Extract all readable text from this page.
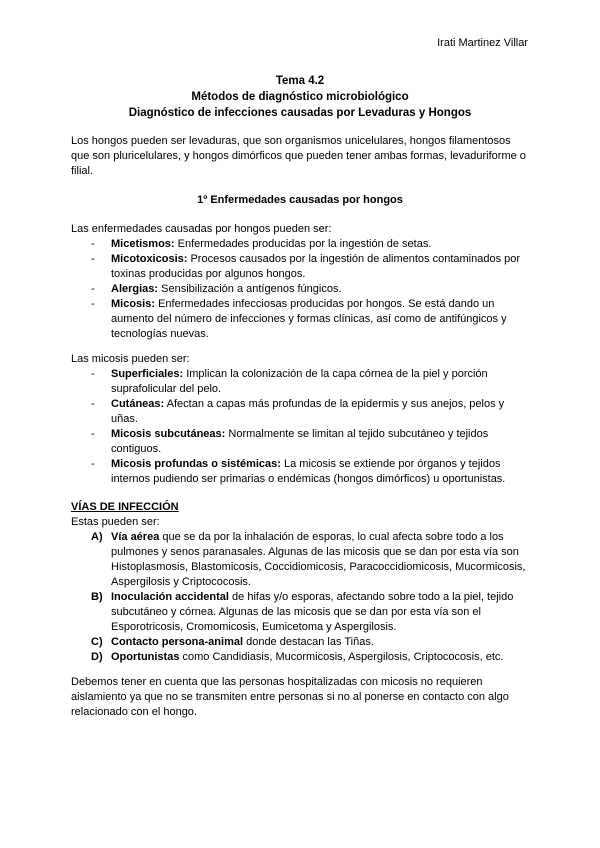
Irati Martinez Villar
Tema 4.2
Métodos de diagnóstico microbiológico
Diagnóstico de infecciones causadas por Levaduras y Hongos
Los hongos pueden ser levaduras, que son organismos unicelulares, hongos filamentosos que son pluricelulares, y hongos dimórficos que pueden tener ambas formas, levaduriforme o filial.
1º Enfermedades causadas por hongos
Las enfermedades causadas por hongos pueden ser:
- Micetismos: Enfermedades producidas por la ingestión de setas.
- Micotoxicosis: Procesos causados por la ingestión de alimentos contaminados por toxinas producidas por algunos hongos.
- Alergias: Sensibilización a antígenos fúngicos.
- Micosis: Enfermedades infecciosas producidas por hongos. Se está dando un aumento del número de infecciones y formas clínicas, así como de antifúngicos y tecnologías nuevas.
Las micosis pueden ser:
- Superficiales: Implican la colonización de la capa córnea de la piel y porción suprafolicular del pelo.
- Cutáneas: Afectan a capas más profundas de la epidermis y sus anejos, pelos y uñas.
- Micosis subcutáneas: Normalmente se limitan al tejido subcutáneo y tejidos contiguos.
- Micosis profundas o sistémicas: La micosis se extiende por órganos y tejidos internos pudiendo ser primarias o endémicas (hongos dimórficos) u oportunistas.
VÍAS DE INFECCIÓN
Estas pueden ser:
A) Vía aérea que se da por la inhalación de esporas, lo cual afecta sobre todo a los pulmones y senos paranasales. Algunas de las micosis que se dan por esta vía son Histoplasmosis, Blastomicosis, Coccidiomicosis, Paracoccidiomicosis, Mucormicosis, Aspergilosis y Criptococosis.
B) Inoculación accidental de hifas y/o esporas, afectando sobre todo a la piel, tejido subcutáneo y córnea. Algunas de las micosis que se dan por esta vía son el Esporotricosis, Cromomicosis, Eumicetoma y Aspergilosis.
C) Contacto persona-animal donde destacan las Tiñas.
D) Oportunistas como Candidiasis, Mucormicosis, Aspergilosis, Criptococosis, etc.
Debemos tener en cuenta que las personas hospitalizadas con micosis no requieren aislamiento ya que no se transmiten entre personas si no al ponerse en contacto con algo relacionado con el hongo.
